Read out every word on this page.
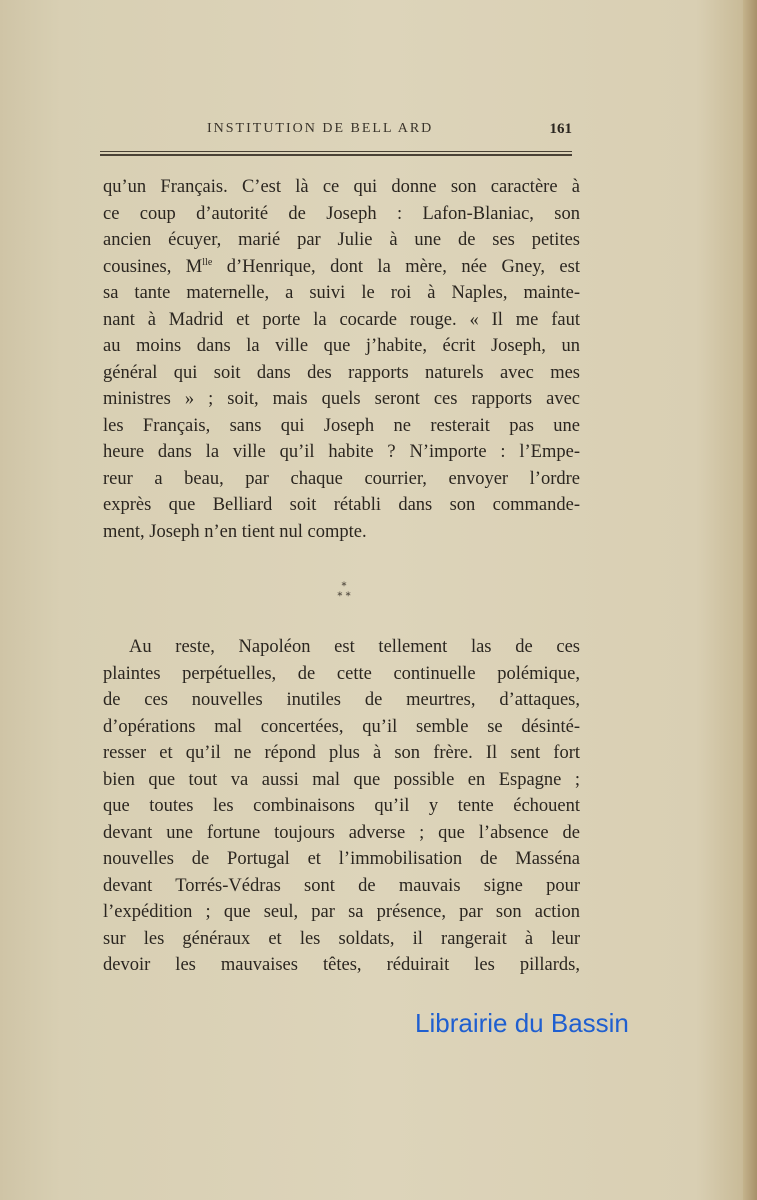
INSTITUTION DE BELL ARD	161
qu’un Français. C’est là ce qui donne son caractère à
ce coup d’autorité de Joseph : Lafon-Blaniac, son
ancien écuyer, marié par Julie à une de ses petites
cousines, $M^{lle}$ d’Henrique, dont la mère, née Gney, est
sa tante maternelle, a suivi le roi à Naples, mainte-
nant à Madrid et porte la cocarde rouge. « Il me faut
au moins dans la ville que j’habite, écrit Joseph, un
général qui soit dans des rapports naturels avec mes
ministres » ; soit, mais quels seront ces rapports avec
les Français, sans qui Joseph ne resterait pas une
heure dans la ville qu’il habite ? N’importe : l’Empe-
reur a beau, par chaque courrier, envoyer l’ordre
exprès que Belliard soit rétabli dans son commande-
ment, Joseph n’en tient nul compte.
*
* *
Au reste, Napoléon est tellement las de ces
plaintes perpétuelles, de cette continuelle polémique,
de ces nouvelles inutiles de meurtres, d’attaques,
d’opérations mal concertées, qu’il semble se désinté-
resser et qu’il ne répond plus à son frère. Il sent fort
bien que tout va aussi mal que possible en Espagne ;
que toutes les combinaisons qu’il y tente échouent
devant une fortune toujours adverse ; que l’absence de
nouvelles de Portugal et l’immobilisation de Masséna
devant Torrés-Védras sont de mauvais signe pour
l’expédition ; que seul, par sa présence, par son action
sur les généraux et les soldats, il rangerait à leur
devoir les mauvaises têtes, réduirait les pillards,
Librairie du Bassin
